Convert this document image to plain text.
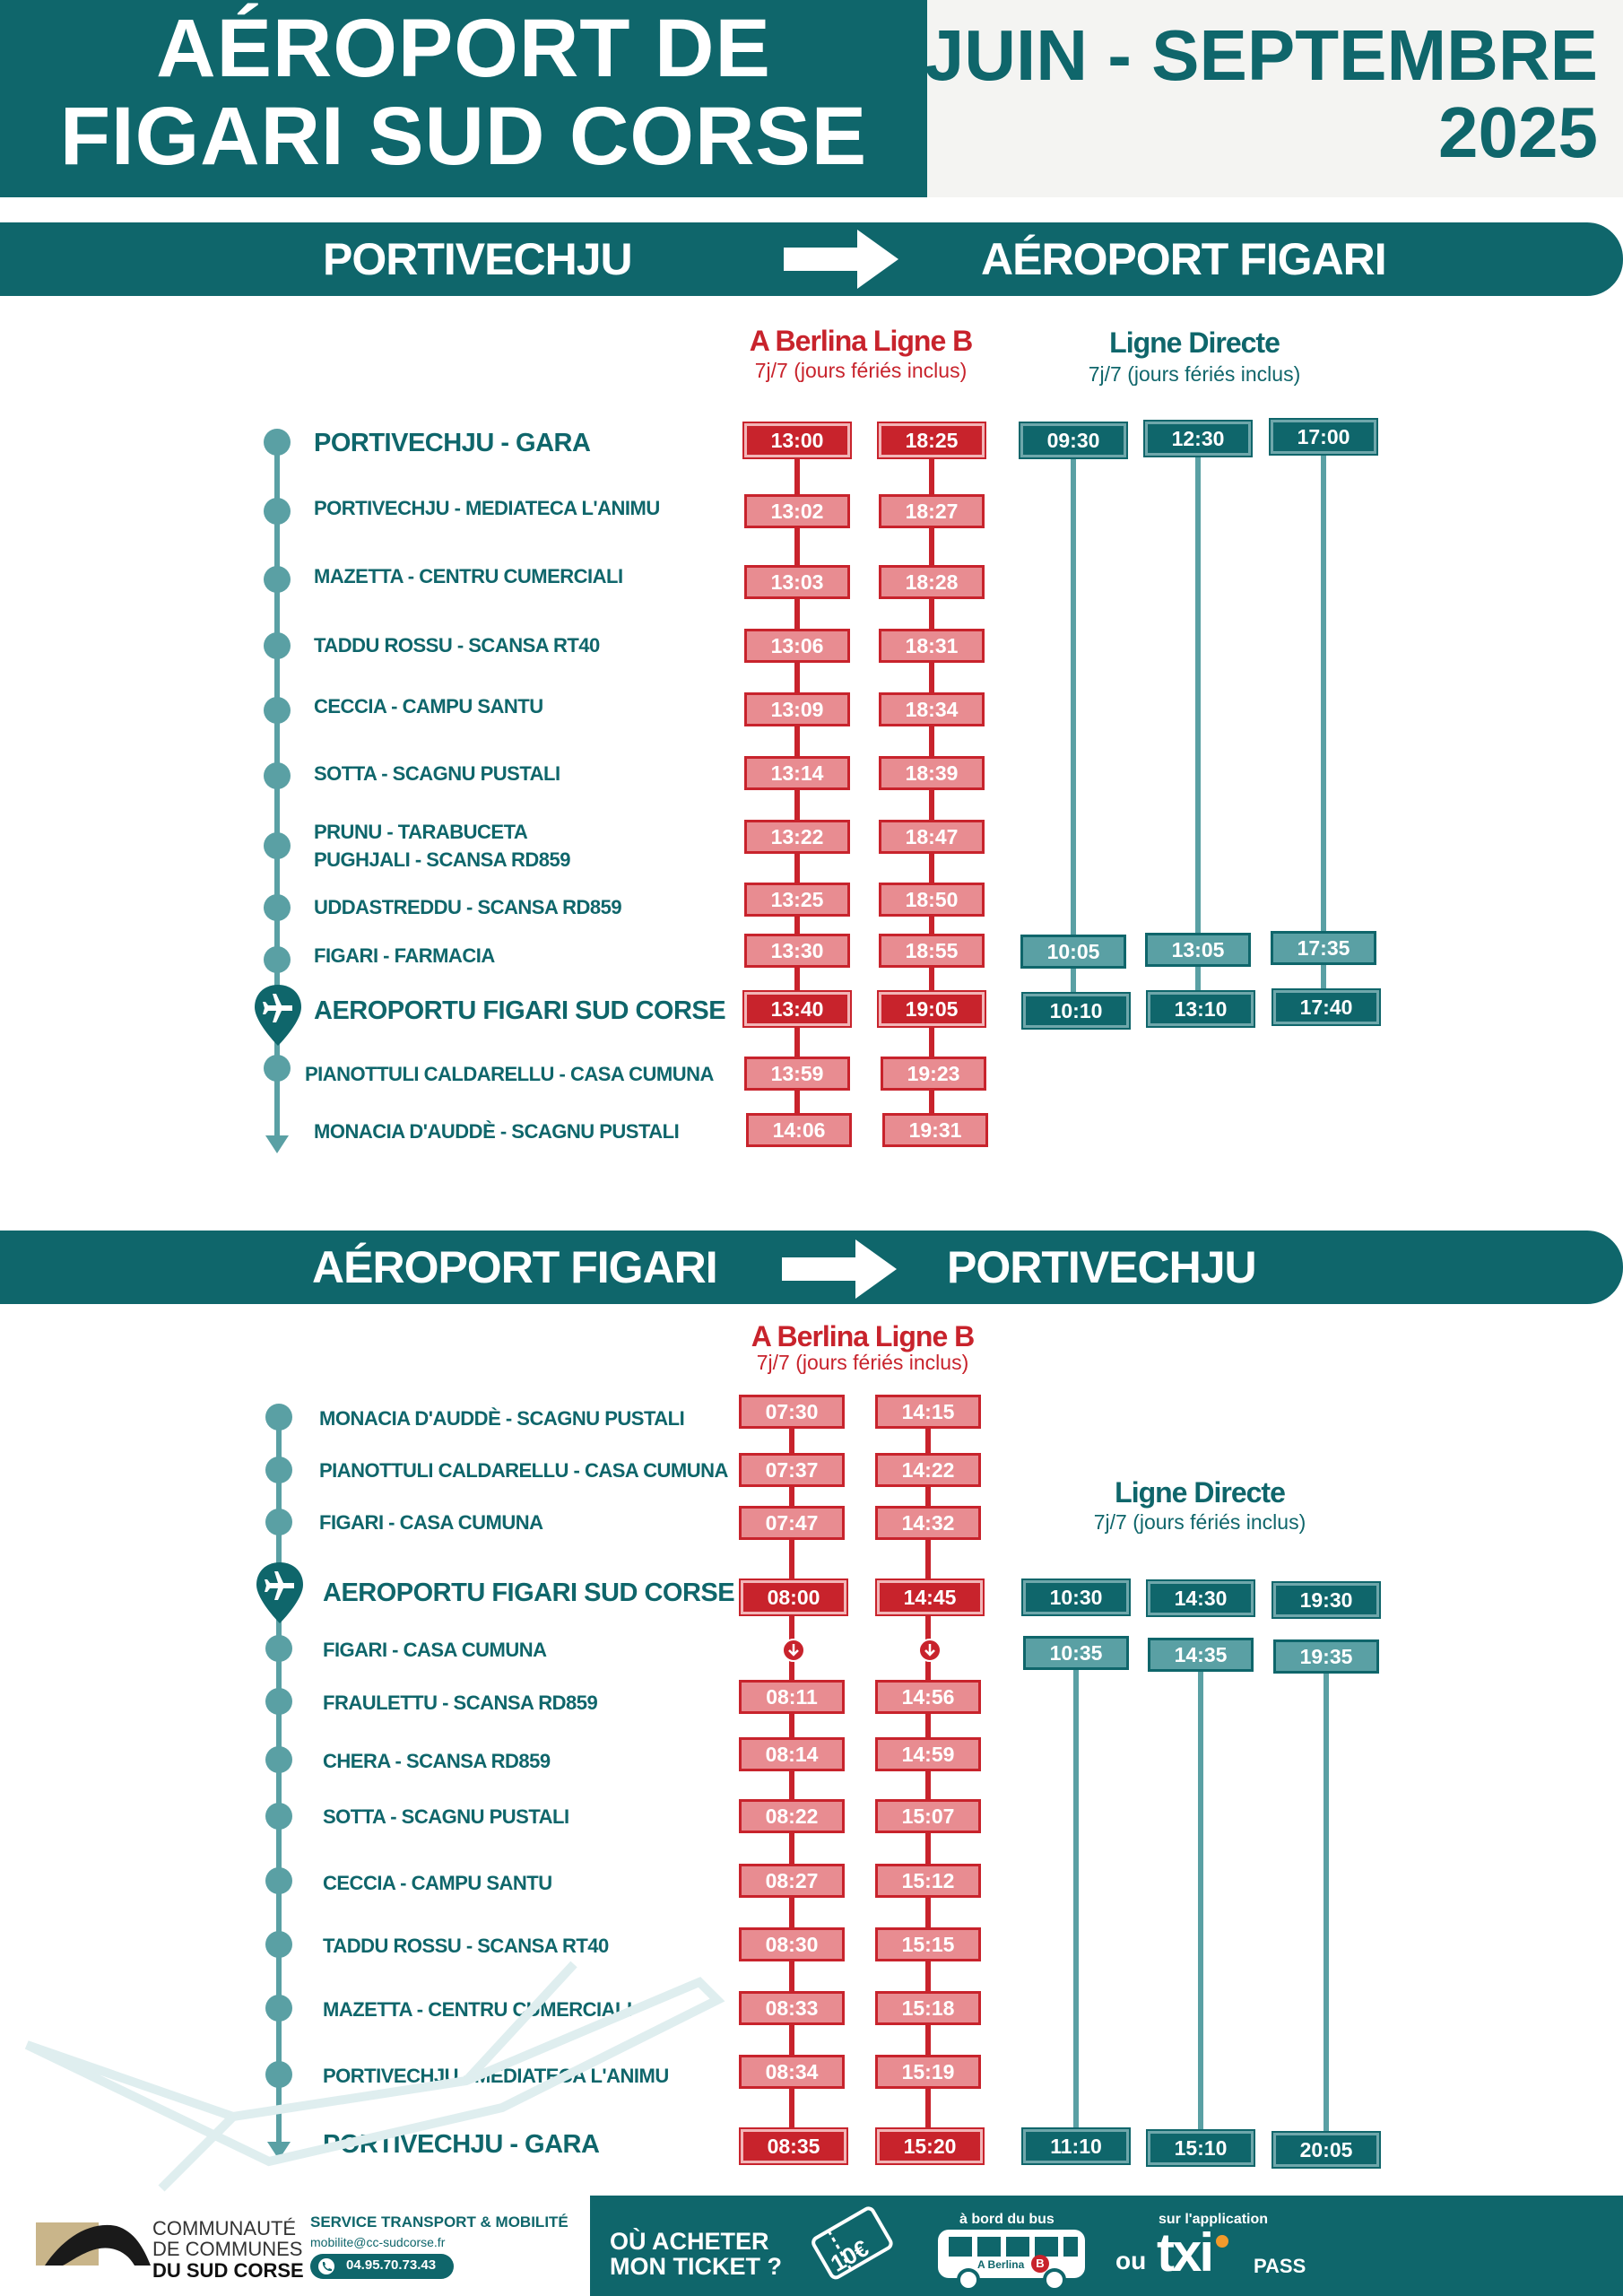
AÉROPORT DE
FIGARI SUD CORSE
JUIN - SEPTEMBRE
2025
PORTIVECHJU	AÉROPORT FIGARI
A Berlina Ligne B
7j/7 (jours fériés inclus)
Ligne Directe
7j/7 (jours fériés inclus)
PORTIVECHJU - GARA	13:00	18:25
PORTIVECHJU - MEDIATECA L'ANIMU	13:02	18:27
MAZETTA - CENTRU CUMERCIALI	13:03	18:28
TADDU ROSSU - SCANSA RT40	13:06	18:31
CECCIA - CAMPU SANTU	13:09	18:34
SOTTA - SCAGNU PUSTALI	13:14	18:39
PRUNU - TARABUCETA
PUGHJALI - SCANSA RD859
13:22	18:47
UDDASTREDDU - SCANSA RD859	13:25	18:50
FIGARI - FARMACIA	13:30	18:55
AEROPORTU FIGARI SUD CORSE	13:40	19:05
PIANOTTULI CALDARELLU - CASA CUMUNA	13:59	19:23
MONACIA D'AUDDÈ - SCAGNU PUSTALI	14:06	19:31
09:30	12:30	17:00
10:05	13:05	17:35
10:10	13:10	17:40
AÉROPORT FIGARI	PORTIVECHJU
A Berlina Ligne B
7j/7 (jours fériés inclus)
Ligne Directe
7j/7 (jours fériés inclus)
MONACIA D'AUDDÈ - SCAGNU PUSTALI	07:30	14:15
PIANOTTULI CALDARELLU - CASA CUMUNA	07:37	14:22
FIGARI - CASA CUMUNA	07:47	14:32
AEROPORTU FIGARI SUD CORSE	08:00	14:45
FIGARI - CASA CUMUNA
FRAULETTU - SCANSA RD859	08:11	14:56
CHERA - SCANSA RD859	08:14	14:59
SOTTA - SCAGNU PUSTALI	08:22	15:07
CECCIA - CAMPU SANTU	08:27	15:12
TADDU ROSSU - SCANSA RT40	08:30	15:15
MAZETTA - CENTRU CUMERCIALI	08:33	15:18
PORTIVECHJU - MEDIATECA L'ANIMU	08:34	15:19
PORTIVECHJU - GARA	08:35	15:20
10:30	14:30	19:30
10:35	14:35	19:35
11:10	15:10	20:05
COMMUNAUTÉ
DE COMMUNES
DU SUD CORSE
SERVICE TRANSPORT & MOBILITÉ
mobilite@cc-sudcorse.fr
04.95.70.73.43
OÙ ACHETER
MON TICKET ? 10€
à bord du bus
A Berlina	B	ou
sur l'application
txi PASS
